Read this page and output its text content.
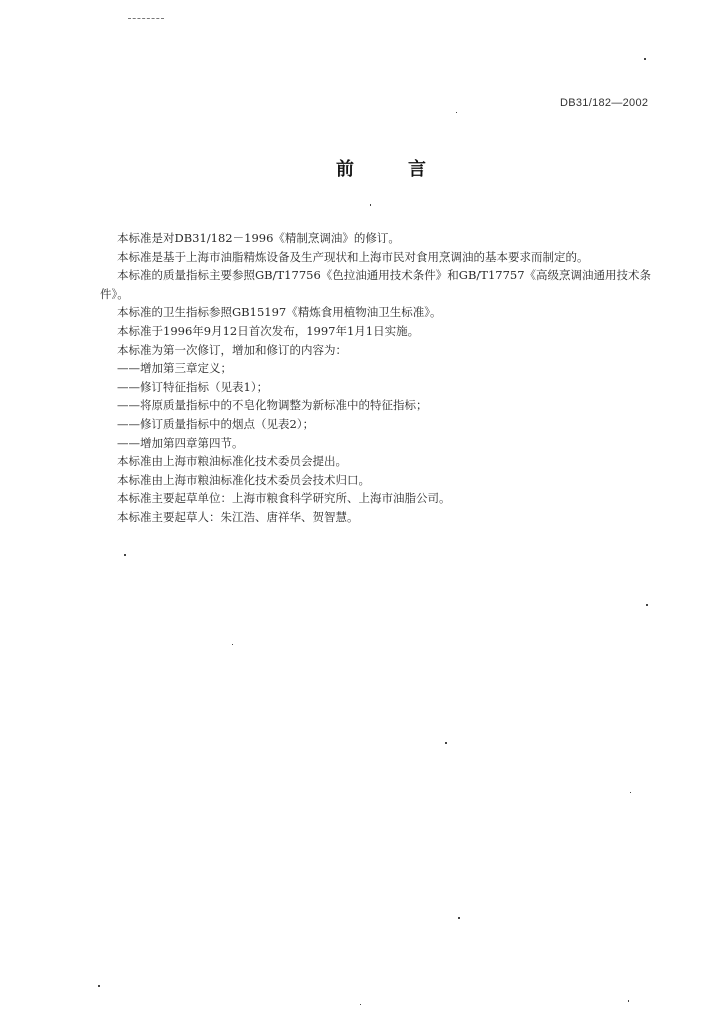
DB31/182—2002
前	言

本标准是对DB31/182－1996《精制烹调油》的修订。

本标准是基于上海市油脂精炼设备及生产现状和上海市民对食用烹调油的基本要求而制定的。

本标准的质量指标主要参照GB/T17756《色拉油通用技术条件》和GB/T17757《高级烹调油通用技术条件》。

本标准的卫生指标参照GB15197《精炼食用植物油卫生标准》。

本标准于1996年9月12日首次发布，1997年1月1日实施。

本标准为第一次修订，增加和修订的内容为：

——增加第三章定义；

——修订特征指标（见表1）；

——将原质量指标中的不皂化物调整为新标准中的特征指标；

——修订质量指标中的烟点（见表2）；

——增加第四章第四节。

本标准由上海市粮油标准化技术委员会提出。

本标准由上海市粮油标准化技术委员会技术归口。

本标准主要起草单位：上海市粮食科学研究所、上海市油脂公司。

本标准主要起草人：朱江浩、唐祥华、贺智慧。
